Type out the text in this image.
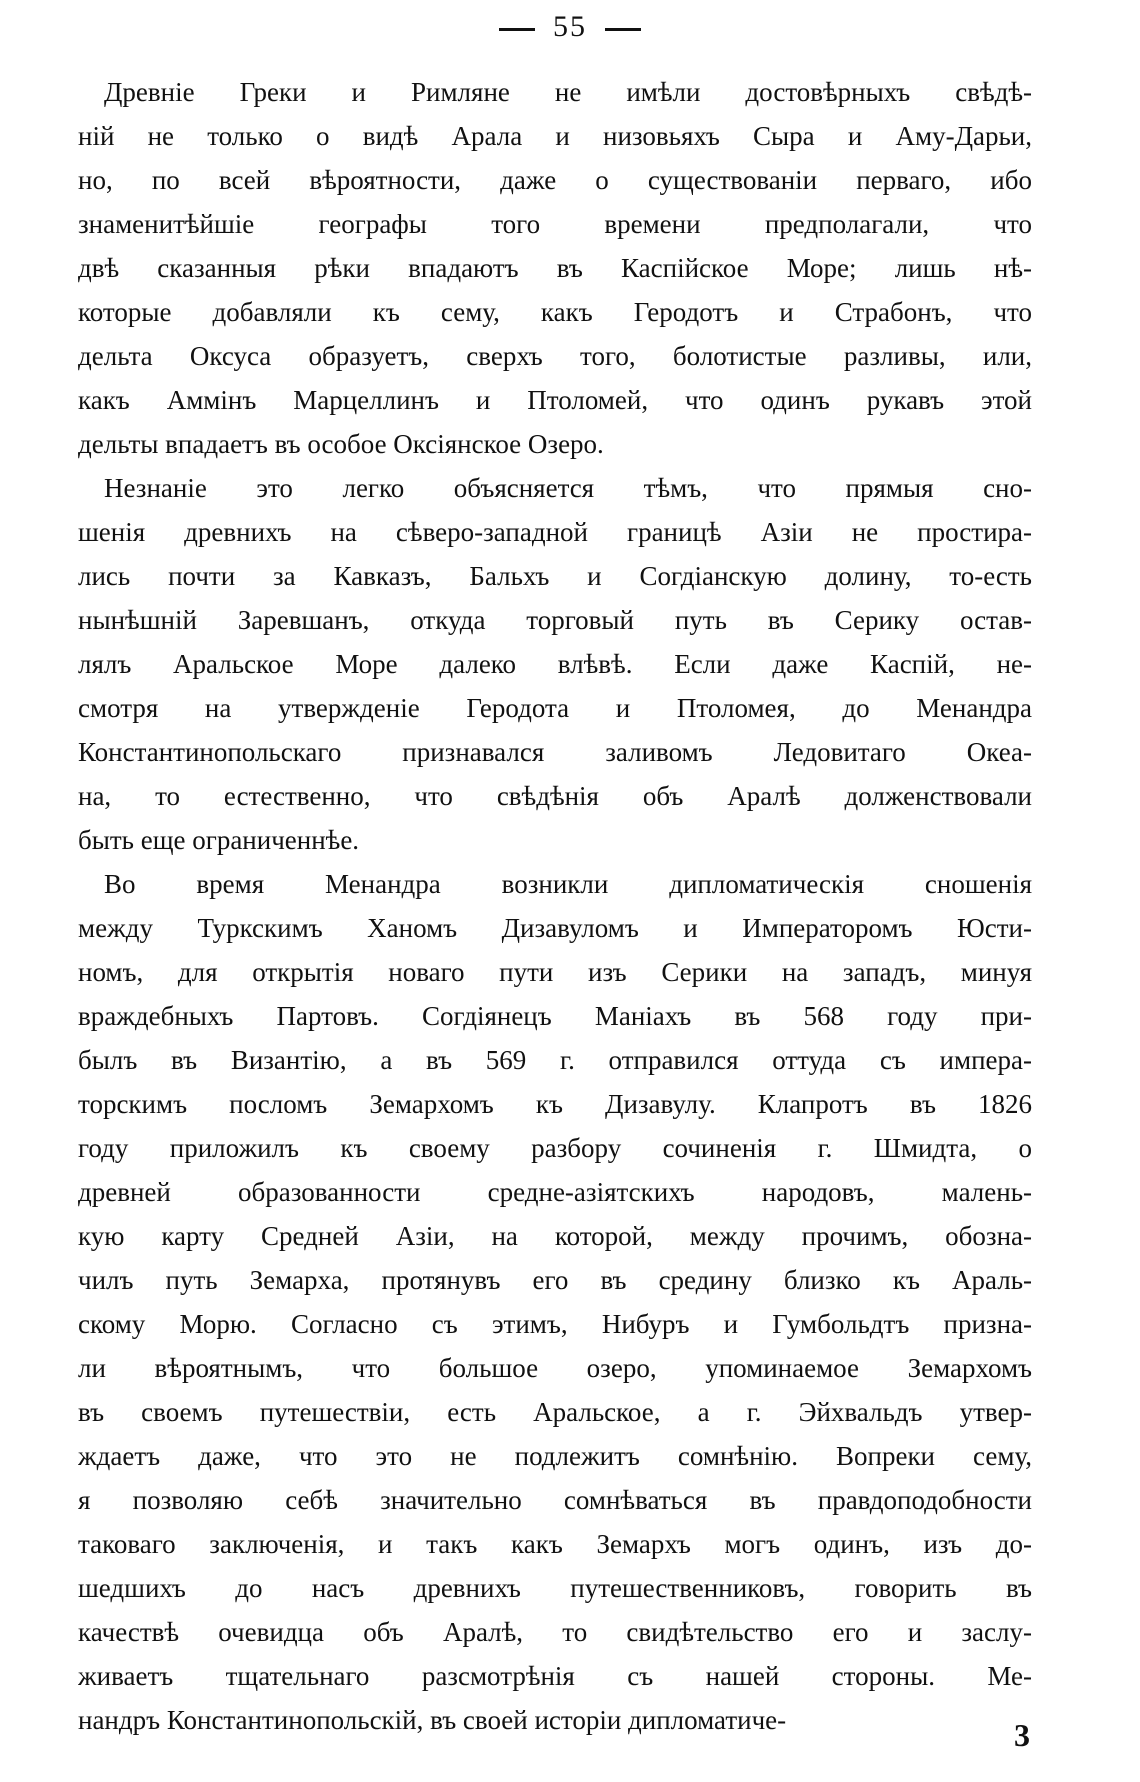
55
Древніе Греки и Римляне не имѣли достовѣрныхъ свѣдѣ-
ній не только о видѣ Арала и низовьяхъ Сыра и Аму-Дарьи,
но, по всей вѣроятности, даже о существованіи перваго, ибо
знаменитѣйшіе географы того времени предполагали, что
двѣ сказанныя рѣки впадаютъ въ Каспійское Море; лишь нѣ-
которые добавляли къ сему, какъ Геродотъ и Страбонъ, что
дельта Оксуса образуетъ, сверхъ того, болотистые разливы, или,
какъ Аммінъ Марцеллинъ и Птоломей, что одинъ рукавъ этой
дельты впадаетъ въ особое Оксіянское Озеро.
Незнаніе это легко объясняется тѣмъ, что прямыя сно-
шенія древнихъ на сѣверо-западной границѣ Азіи не простира-
лись почти за Кавказъ, Бальхъ и Согдіанскую долину, то-есть
нынѣшній Заревшанъ, откуда торговый путь въ Серику остав-
лялъ Аральское Море далеко влѣвѣ. Если даже Каспій, не-
смотря на утвержденіе Геродота и Птоломея, до Менандра
Константинопольскаго признавался заливомъ Ледовитаго Океа-
на, то естественно, что свѣдѣнія объ Аралѣ долженствовали
быть еще ограниченнѣе.
Во время Менандра возникли дипломатическія сношенія
между Туркскимъ Ханомъ Дизавуломъ и Императоромъ Юсти-
номъ, для открытія новаго пути изъ Серики на западъ, минуя
враждебныхъ Партовъ. Согдіянецъ Маніахъ въ 568 году при-
былъ въ Византію, а въ 569 г. отправился оттуда съ импера-
торскимъ посломъ Земархомъ къ Дизавулу. Клапротъ въ 1826
году приложилъ къ своему разбору сочиненія г. Шмидта, о
древней образованности средне-азіятскихъ народовъ, малень-
кую карту Средней Азіи, на которой, между прочимъ, обозна-
чилъ путь Земарха, протянувъ его въ средину близко къ Араль-
скому Морю. Согласно съ этимъ, Нибуръ и Гумбольдтъ призна-
ли вѣроятнымъ, что большое озеро, упоминаемое Земархомъ
въ своемъ путешествіи, есть Аральское, а г. Эйхвальдъ утвер-
ждаетъ даже, что это не подлежитъ сомнѣнію. Вопреки сему,
я позволяю себѣ значительно сомнѣваться въ правдоподобности
таковаго заключенія, и такъ какъ Земархъ могъ одинъ, изъ до-
шедшихъ до насъ древнихъ путешественниковъ, говорить въ
качествѣ очевидца объ Аралѣ, то свидѣтельство его и заслу-
живаетъ тщательнаго разсмотрѣнія съ нашей стороны. Ме-
нандръ Константинопольскій, въ своей исторіи дипломатиче-	3
